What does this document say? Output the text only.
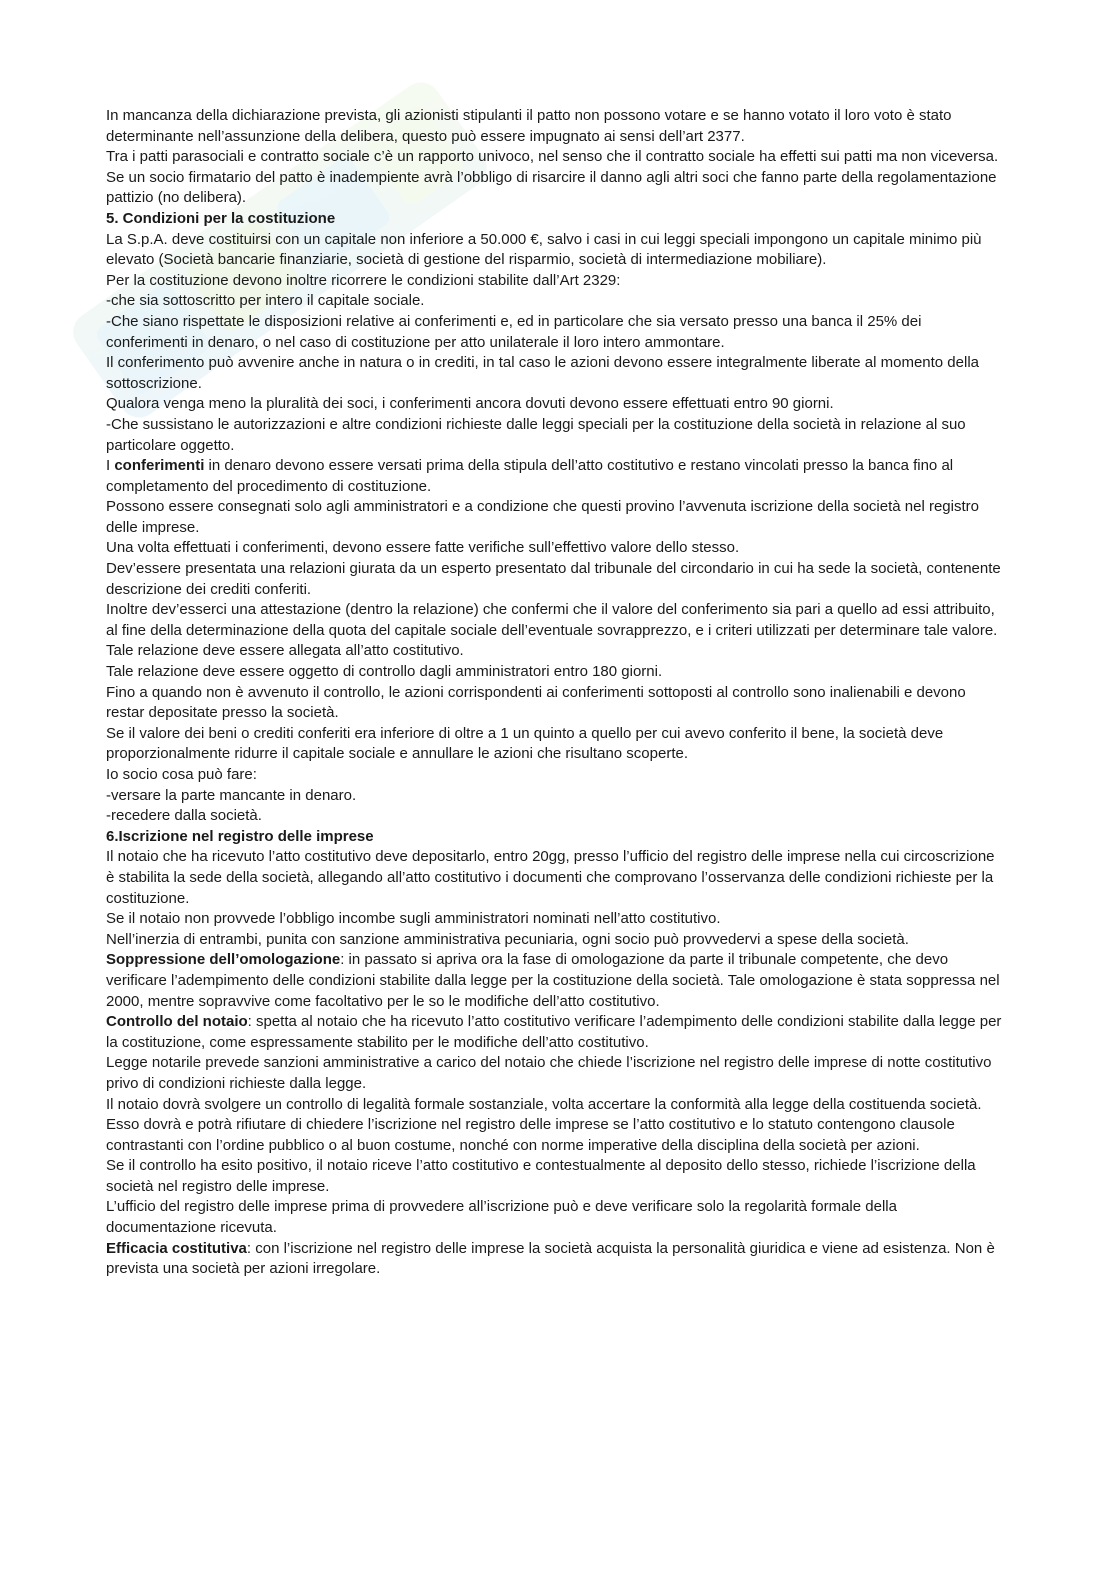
In mancanza della dichiarazione prevista, gli azionisti stipulanti il patto non possono votare e se hanno votato il loro voto è stato determinante nell’assunzione della delibera, questo può essere impugnato ai sensi dell’art 2377.

Tra i patti parasociali e contratto sociale c’è un rapporto univoco, nel senso che il contratto sociale ha effetti sui patti ma non viceversa.

Se un socio firmatario del patto è inadempiente avrà l’obbligo di risarcire il danno agli altri soci che fanno parte della regolamentazione pattizio (no delibera).

5. Condizioni per la costituzione

La S.p.A. deve costituirsi con un capitale non inferiore a 50.000 €, salvo i casi in cui leggi speciali impongono un capitale minimo più elevato (Società bancarie finanziarie, società di gestione del risparmio, società di intermediazione mobiliare).

Per la costituzione devono inoltre ricorrere le condizioni stabilite dall’Art 2329:

-che sia sottoscritto per intero il capitale sociale.

-Che siano rispettate le disposizioni relative ai conferimenti e, ed in particolare che sia versato presso una banca il 25% dei conferimenti in denaro, o nel caso di costituzione per atto unilaterale il loro intero ammontare.

Il conferimento può avvenire anche in natura o in crediti, in tal caso le azioni devono essere integralmente liberate al momento della sottoscrizione.

Qualora venga meno la pluralità dei soci, i conferimenti ancora dovuti devono essere effettuati entro 90 giorni.

-Che sussistano le autorizzazioni e altre condizioni richieste dalle leggi speciali per la costituzione della società in relazione al suo particolare oggetto.

I conferimenti in denaro devono essere versati prima della stipula dell’atto costitutivo e restano vincolati presso la banca fino al completamento del procedimento di costituzione.

Possono essere consegnati solo agli amministratori e a condizione che questi provino l’avvenuta iscrizione della società nel registro delle imprese.

Una volta effettuati i conferimenti, devono essere fatte verifiche sull’effettivo valore dello stesso.

Dev’essere presentata una relazioni giurata da un esperto presentato dal tribunale del circondario in cui ha sede la società, contenente descrizione dei crediti conferiti.

Inoltre dev’esserci una attestazione (dentro la relazione) che confermi che il valore del conferimento sia pari a quello ad essi attribuito, al fine della determinazione della quota del capitale sociale dell’eventuale sovrapprezzo, e i criteri utilizzati per determinare tale valore.

Tale relazione deve essere allegata all’atto costitutivo.

Tale relazione deve essere oggetto di controllo dagli amministratori entro 180 giorni.

Fino a quando non è avvenuto il controllo, le azioni corrispondenti ai conferimenti sottoposti al controllo sono inalienabili e devono restar depositate presso la società.

Se il valore dei beni o crediti conferiti era inferiore di oltre a 1 un quinto a quello per cui avevo conferito il bene, la società deve proporzionalmente ridurre il capitale sociale e annullare le azioni che risultano scoperte.

Io socio cosa può fare:

-versare la parte mancante in denaro.

-recedere dalla società.

6.Iscrizione nel registro delle imprese

Il notaio che ha ricevuto l’atto costitutivo deve depositarlo, entro 20gg, presso l’ufficio del registro delle imprese nella cui circoscrizione è stabilita la sede della società, allegando all’atto costitutivo i documenti che comprovano l’osservanza delle condizioni richieste per la costituzione.

Se il notaio non provvede l’obbligo incombe sugli amministratori nominati nell’atto costitutivo.

Nell’inerzia di entrambi, punita con sanzione amministrativa pecuniaria, ogni socio può provvedervi a spese della società.

Soppressione dell’omologazione: in passato si apriva ora la fase di omologazione da parte il tribunale competente, che devo verificare l’adempimento delle condizioni stabilite dalla legge per la costituzione della società. Tale omologazione è stata soppressa nel 2000, mentre sopravvive come facoltativo per le so le modifiche dell’atto costitutivo.

Controllo del notaio: spetta al notaio che ha ricevuto l’atto costitutivo verificare l’adempimento delle condizioni stabilite dalla legge per la costituzione, come espressamente stabilito per le modifiche dell’atto costitutivo.

Legge notarile prevede sanzioni amministrative a carico del notaio che chiede l’iscrizione nel registro delle imprese di notte costitutivo privo di condizioni richieste dalla legge.

Il notaio dovrà svolgere un controllo di legalità formale sostanziale, volta accertare la conformità alla legge della costituenda società. Esso dovrà e potrà rifiutare di chiedere l’iscrizione nel registro delle imprese se l’atto costitutivo e lo statuto contengono clausole contrastanti con l’ordine pubblico o al buon costume, nonché con norme imperative della disciplina della società per azioni.

Se il controllo ha esito positivo, il notaio riceve l’atto costitutivo e contestualmente al deposito dello stesso, richiede l’iscrizione della società nel registro delle imprese.

L’ufficio del registro delle imprese prima di provvedere all’iscrizione può e deve verificare solo la regolarità formale della documentazione ricevuta.

Efficacia costitutiva: con l’iscrizione nel registro delle imprese la società acquista la personalità giuridica e viene ad esistenza. Non è prevista una società per azioni irregolare.
